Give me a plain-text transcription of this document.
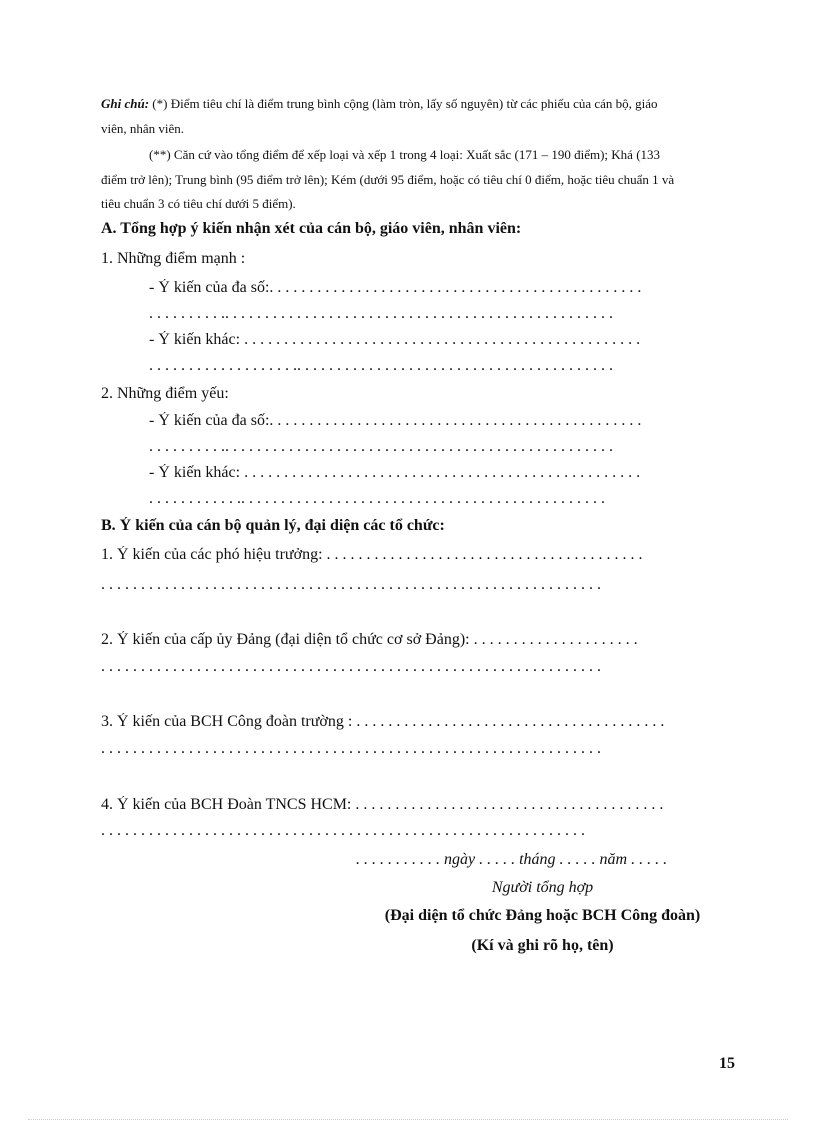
Ghi chú: (*) Điểm tiêu chí là điểm trung bình cộng (làm tròn, lấy số nguyên) từ các phiếu của cán bộ, giáo
viên, nhân viên.
(**) Căn cứ vào tổng điểm để xếp loại và xếp 1 trong 4 loại: Xuất sắc (171 – 190 điểm); Khá (133
điểm trở lên); Trung bình (95 điểm trở lên); Kém (dưới 95 điểm, hoặc có tiêu chí 0 điểm, hoặc tiêu chuẩn 1 và
tiêu chuẩn 3 có tiêu chí dưới 5 điểm).
A. Tổng hợp ý kiến nhận xét của cán bộ, giáo viên, nhân viên:
1. Những điểm mạnh :
- Ý kiến của đa số:. . . . . . . . . . . . . . . . . . . . . . . . . . . . . . . . . . . . . . . . . . . . . . .
. . . . . . . . . .. . . . . . . . . . . . . . . . . . . . . . . . . . . . . . . . . . . . . . . . . . . . . . . . .
- Ý kiến khác: . . . . . . . . . . . . . . . . . . . . . . . . . . . . . . . . . . . . . . . . . . . . . . . . . .
. . . . . . . . . . . . . . . . . . .. . . . . . . . . . . . . . . . . . . . . . . . . . . . . . . . . . . . . . . .
2. Những điểm yếu:
- Ý kiến của đa số:. . . . . . . . . . . . . . . . . . . . . . . . . . . . . . . . . . . . . . . . . . . . . . .
. . . . . . . . . .. . . . . . . . . . . . . . . . . . . . . . . . . . . . . . . . . . . . . . . . . . . . . . . . .
- Ý kiến khác: . . . . . . . . . . . . . . . . . . . . . . . . . . . . . . . . . . . . . . . . . . . . . . . . . .
. . . . . . . . . . . .. . . . . . . . . . . . . . . . . . . . . . . . . . . . . . . . . . . . . . . . . . . . . .
B. Ý kiến của cán bộ quản lý, đại diện các tổ chức:
1. Ý kiến của các phó hiệu trưởng: . . . . . . . . . . . . . . . . . . . . . . . . . . . . . . . . . . . . . . . .
. . . . . . . . . . . . . . . . . . . . . . . . . . . . . . . . . . . . . . . . . . . . . . . . . . . . . . . . . . . . . . .
2. Ý kiến của cấp ủy Đảng (đại diện tổ chức cơ sở Đảng): . . . . . . . . . . . . . . . . . . . . .
. . . . . . . . . . . . . . . . . . . . . . . . . . . . . . . . . . . . . . . . . . . . . . . . . . . . . . . . . . . . . . .
3. Ý kiến của BCH Công đoàn trường : . . . . . . . . . . . . . . . . . . . . . . . . . . . . . . . . . . . . . . .
. . . . . . . . . . . . . . . . . . . . . . . . . . . . . . . . . . . . . . . . . . . . . . . . . . . . . . . . . . . . . . .
4. Ý kiến của BCH Đoàn TNCS HCM: . . . . . . . . . . . . . . . . . . . . . . . . . . . . . . . . . . . . . . .
. . . . . . . . . . . . . . . . . . . . . . . . . . . . . . . . . . . . . . . . . . . . . . . . . . . . . . . . . . . . .
. . . . . . . . . . . ngày . . . . . tháng . . . . . năm . . . . .
Người tổng hợp
(Đại diện tổ chức Đảng hoặc BCH Công đoàn)
(Kí và ghi rõ họ, tên)
15
